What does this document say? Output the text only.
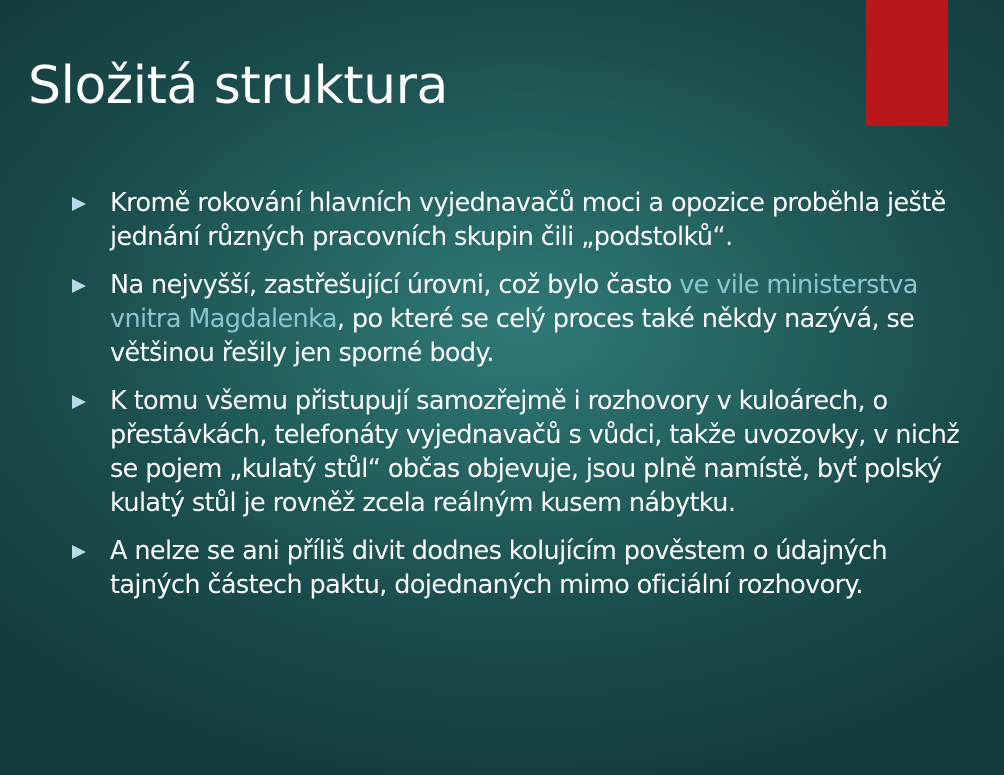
Složitá struktura
Kromě rokování hlavních vyjednavačů moci a opozice proběhla ještě jednání různých pracovních skupin čili „podstolků“.
Na nejvyšší, zastřešující úrovni, což bylo často ve vile ministerstva vnitra Magdalenka, po které se celý proces také někdy nazývá, se většinou řešily jen sporné body.
K tomu všemu přistupují samozřejmě i rozhovory v kuloárech, o přestávkách, telefonáty vyjednavačů s vůdci, takže uvozovky, v nichž se pojem „kulatý stůl“ občas objevuje, jsou plně namístě, byť polský kulatý stůl je rovněž zcela reálným kusem nábytku.
A nelze se ani příliš divit dodnes kolujícím pověstem o údajných tajných částech paktu, dojednaných mimo oficiální rozhovory.
